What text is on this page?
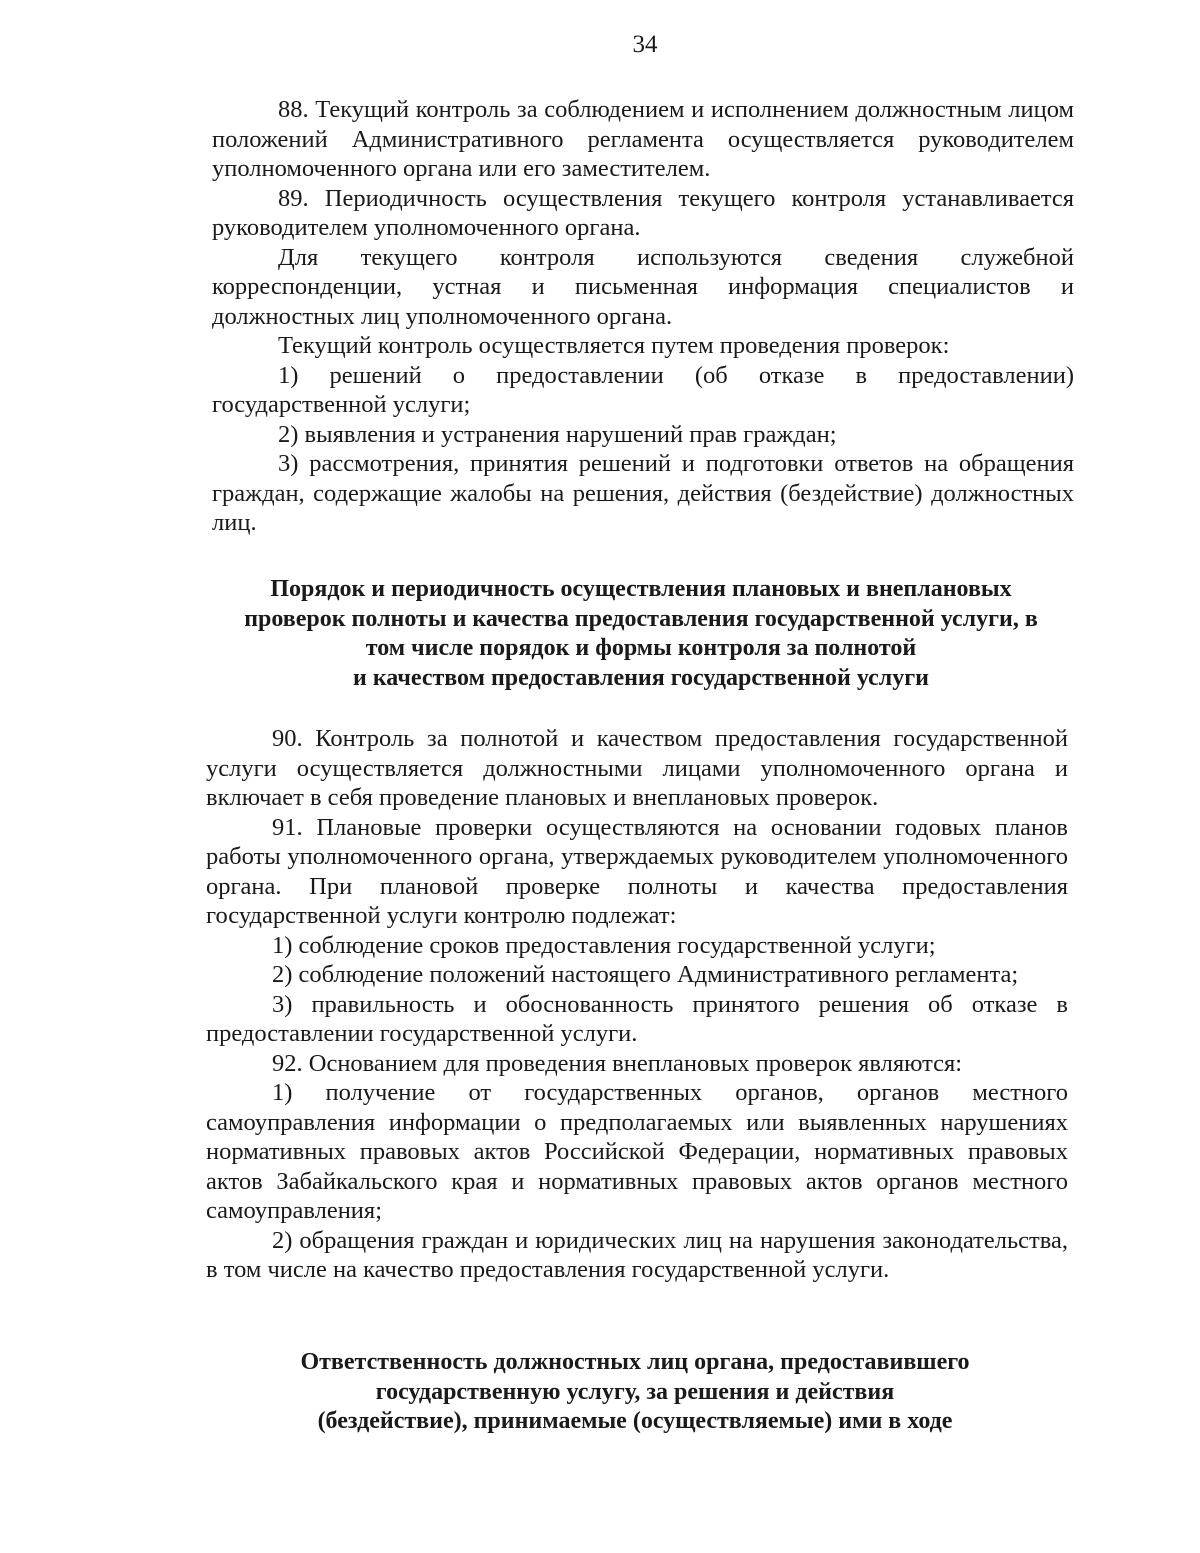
34

88. Текущий контроль за соблюдением и исполнением должностным лицом положений Административного регламента осуществляется руководителем уполномоченного органа или его заместителем.

89. Периодичность осуществления текущего контроля устанавливается руководителем уполномоченного органа.

Для текущего контроля используются сведения служебной корреспонденции, устная и письменная информация специалистов и должностных лиц уполномоченного органа.

Текущий контроль осуществляется путем проведения проверок:

1) решений о предоставлении (об отказе в предоставлении) государственной услуги;

2) выявления и устранения нарушений прав граждан;

3) рассмотрения, принятия решений и подготовки ответов на обращения граждан, содержащие жалобы на решения, действия (бездействие) должностных лиц.

Порядок и периодичность осуществления плановых и внеплановых
проверок полноты и качества предоставления государственной услуги, в
том числе порядок и формы контроля за полнотой
и качеством предоставления государственной услуги

90. Контроль за полнотой и качеством предоставления государственной услуги осуществляется должностными лицами уполномоченного органа и включает в себя проведение плановых и внеплановых проверок.

91. Плановые проверки осуществляются на основании годовых планов работы уполномоченного органа, утверждаемых руководителем уполномоченного органа. При плановой проверке полноты и качества предоставления государственной услуги контролю подлежат:

1) соблюдение сроков предоставления государственной услуги;

2) соблюдение положений настоящего Административного регламента;

3) правильность и обоснованность принятого решения об отказе в предоставлении государственной услуги.

92. Основанием для проведения внеплановых проверок являются:

1) получение от государственных органов, органов местного самоуправления информации о предполагаемых или выявленных нарушениях нормативных правовых актов Российской Федерации, нормативных правовых актов Забайкальского края и нормативных правовых актов органов местного самоуправления;

2) обращения граждан и юридических лиц на нарушения законодательства, в том числе на качество предоставления государственной услуги.

Ответственность должностных лиц органа, предоставившего
государственную услугу, за решения и действия
(бездействие), принимаемые (осуществляемые) ими в ходе
